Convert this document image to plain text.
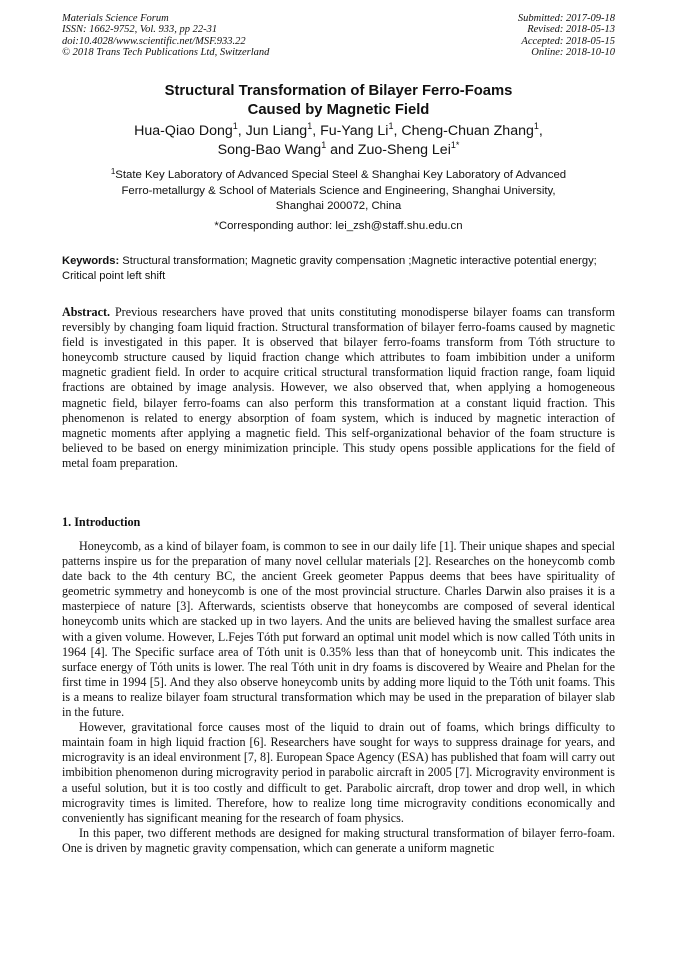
Materials Science Forum
ISSN: 1662-9752, Vol. 933, pp 22-31
doi:10.4028/www.scientific.net/MSF.933.22
© 2018 Trans Tech Publications Ltd, Switzerland
Submitted: 2017-09-18
Revised: 2018-05-13
Accepted: 2018-05-15
Online: 2018-10-10
Structural Transformation of Bilayer Ferro-Foams
Caused by Magnetic Field
Hua-Qiao Dong$^1$, Jun Liang$^1$, Fu-Yang Li$^1$, Cheng-Chuan Zhang$^1$,
Song-Bao Wang$^1$ and Zuo-Sheng Lei$^{1*}$
$^1$State Key Laboratory of Advanced Special Steel & Shanghai Key Laboratory of Advanced
Ferro-metallurgy & School of Materials Science and Engineering, Shanghai University,
Shanghai 200072, China
*Corresponding author: lei_zsh@staff.shu.edu.cn
Keywords: Structural transformation; Magnetic gravity compensation ;Magnetic interactive potential energy; Critical point left shift
Abstract. Previous researchers have proved that units constituting monodisperse bilayer foams can transform reversibly by changing foam liquid fraction. Structural transformation of bilayer ferro-foams caused by magnetic field is investigated in this paper. It is observed that bilayer ferro-foams transform from Tóth structure to honeycomb structure caused by liquid fraction change which attributes to foam imbibition under a uniform magnetic gradient field. In order to acquire critical structural transformation liquid fraction range, foam liquid fractions are obtained by image analysis. However, we also observed that, when applying a homogeneous magnetic field, bilayer ferro-foams can also perform this transformation at a constant liquid fraction. This phenomenon is related to energy absorption of foam system, which is induced by magnetic interaction of magnetic moments after applying a magnetic field. This self-organizational behavior of the foam structure is believed to be based on energy minimization principle. This study opens possible applications for the field of metal foam preparation.
1. Introduction

Honeycomb, as a kind of bilayer foam, is common to see in our daily life [1]. Their unique shapes and special patterns inspire us for the preparation of many novel cellular materials [2]. Researches on the honeycomb comb date back to the 4th century BC, the ancient Greek geometer Pappus deems that bees have spirituality of geometric symmetry and honeycomb is one of the most provincial structure. Charles Darwin also praises it is a masterpiece of nature [3]. Afterwards, scientists observe that honeycombs are composed of several identical honeycomb units which are stacked up in two layers. And the units are believed having the smallest surface area with a given volume. However, L.Fejes Tóth put forward an optimal unit model which is now called Tóth units in 1964 [4]. The Specific surface area of Tóth unit is 0.35% less than that of honeycomb unit. This indicates the surface energy of Tóth units is lower. The real Tóth unit in dry foams is discovered by Weaire and Phelan for the first time in 1994 [5]. And they also observe honeycomb units by adding more liquid to the Tóth unit foams. This is a means to realize bilayer foam structural transformation which may be used in the preparation of bilayer slab in the future.

However, gravitational force causes most of the liquid to drain out of foams, which brings difficulty to maintain foam in high liquid fraction [6]. Researchers have sought for ways to suppress drainage for years, and microgravity is an ideal environment [7, 8]. European Space Agency (ESA) has published that foam will carry out imbibition phenomenon during microgravity period in parabolic aircraft in 2005 [7]. Microgravity environment is a useful solution, but it is too costly and difficult to get. Parabolic aircraft, drop tower and drop well, in which microgravity times is limited. Therefore, how to realize long time microgravity conditions economically and conveniently has significant meaning for the research of foam physics.

In this paper, two different methods are designed for making structural transformation of bilayer ferro-foam. One is driven by magnetic gravity compensation, which can generate a uniform magnetic
